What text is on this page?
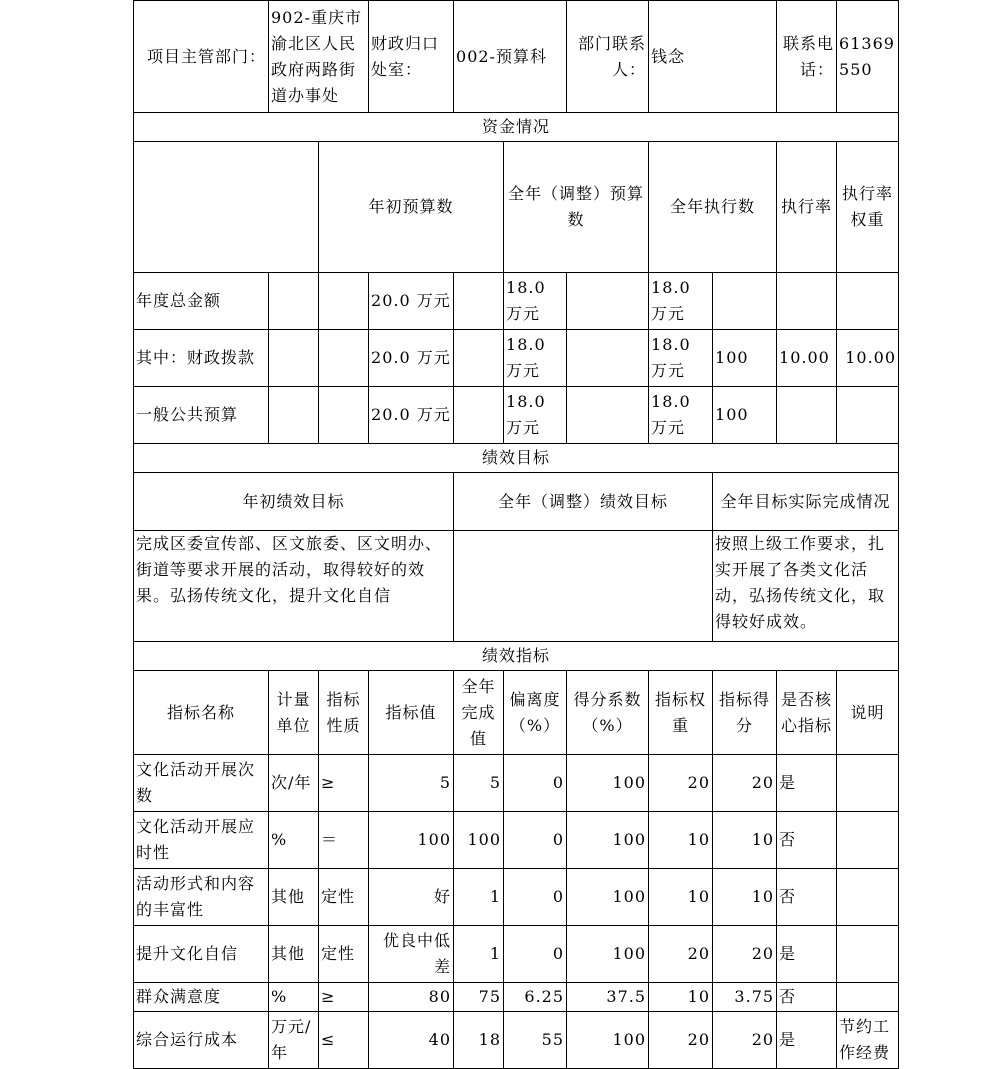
项目主管部门：	902-重庆市渝北区人民政府两路街道办事处		财政归口处室：	002-预算科		部门联系人：	钱念		联系电话：	61369550	
资金情况											
		年初预算数			全年（调整）预算数		全年执行数		执行率	执行率权重	
年度总金额			20.0 万元		18.0 万元		18.0 万元				
其中：财政拨款			20.0 万元		18.0 万元		18.0 万元	100	10.00	10.00	
一般公共预算			20.0 万元		18.0 万元		18.0 万元	100			
绩效目标											
年初绩效目标				全年（调整）绩效目标				全年目标实际完成情况			
完成区委宣传部、区文旅委、区文明办、街道等要求开展的活动，取得较好的效果。弘扬传统文化，提升文化自信								按照上级工作要求，扎实开展了各类文化活动，弘扬传统文化，取得较好成效。			
绩效指标											
指标名称	计量单位	指标性质	指标值	全年完成值	偏离度（%）	得分系数（%）	指标权重	指标得分	是否核心指标	说明	
文化活动开展次数	次/年	≥	5	5	0	100	20	20	是		
文化活动开展应时性	%	＝	100	100	0	100	10	10	否		
活动形式和内容的丰富性	其他	定性	好	1	0	100	10	10	否		
提升文化自信	其他	定性	优良中低差	1	0	100	20	20	是		
群众满意度	%	≥	80	75	6.25	37.5	10	3.75	否		
综合运行成本	万元/年	≤	40	18	55	100	20	20	是	节约工作经费	
